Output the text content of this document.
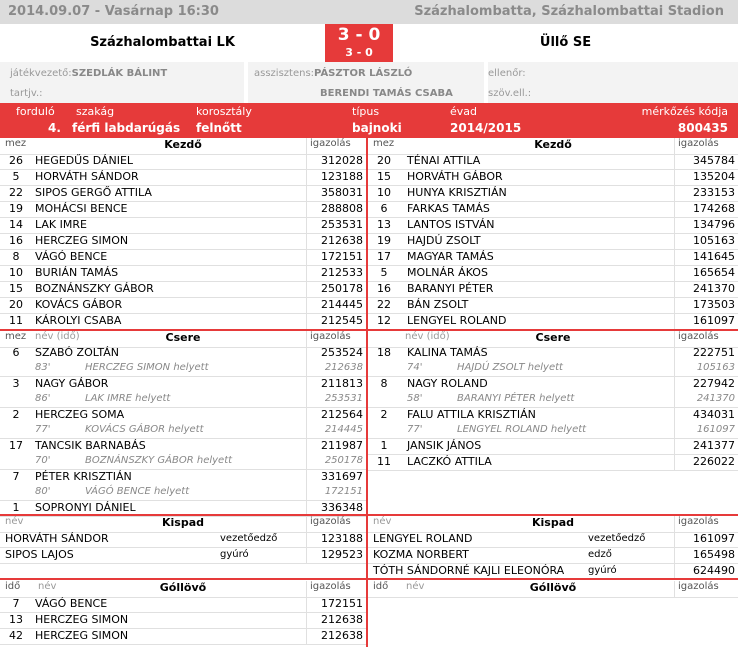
2014.09.07 - Vasárnap 16:30	Százhalombatta, Százhalombattai Stadion
Százhalombattai LK	3 - 0
3 - 0
Üllő SE
játékvezető:SZEDLÁK BÁLINT
tartjv.:
asszisztens:PÁSZTOR LÁSZLÓ
BERENDI TAMÁS CSABA
ellenőr:
szöv.ell.:
forduló
4.
szakág
férfi labdarúgás
korosztály
felnőtt
típus
bajnoki
évad
2014/2015
mérkőzés kódja
800435
mez	Kezdő	igazolás mez	Kezdő	igazolás
26	HEGEDŰS DÁNIEL	312028
5	HORVÁTH SÁNDOR	123188
22	SIPOS GERGŐ ATTILA	358031
19	MOHÁCSI BENCE	288808
14	LAK IMRE	253531
16	HERCZEG SIMON	212638
8	VÁGÓ BENCE	172151
10	BURIÁN TAMÁS	212533
15	BOZNÁNSZKY GÁBOR	250178
20	KOVÁCS GÁBOR	214445
11	KÁROLYI CSABA	212545
20	TÉNAI ATTILA	345784
15	HORVÁTH GÁBOR	135204
10	HUNYA KRISZTIÁN	233153
6	FARKAS TAMÁS	174268
13	LANTOS ISTVÁN	134796
19	HAJDÚ ZSOLT	105163
17	MAGYAR TAMÁS	141645
5	MOLNÁR ÁKOS	165654
16	BARANYI PÉTER	241370
22	BÁN ZSOLT	173503
12	LENGYEL ROLAND	161097
mez	Csere	igazolás
név (idő)	Csere	igazolás
név (idő)
6	SZABÓ ZOLTÁN	253524
83'	HERCZEG SIMON helyett	212638
3	NAGY GÁBOR	211813
86'	LAK IMRE helyett	253531
2	HERCZEG SOMA	212564
77'	KOVÁCS GÁBOR helyett	214445
17	TANCSIK BARNABÁS	211987
70'	BOZNÁNSZKY GÁBOR helyett	250178
7	PÉTER KRISZTIÁN	331697
80'	VÁGÓ BENCE helyett	172151
1	SOPRONYI DÁNIEL	336348
18	KALINA TAMÁS	222751
74'	HAJDÚ ZSOLT helyett	105163
8	NAGY ROLAND	227942
58'	BARANYI PÉTER helyett	241370
2	FALU ATTILA KRISZTIÁN	434031
77'	LENGYEL ROLAND helyett	161097
1	JANSIK JÁNOS	241377
11	LACZKÓ ATTILA	226022
név	Kispad	igazolás név	Kispad	igazolás
HORVÁTH SÁNDOR	vezetőedző	123188
SIPOS LAJOS	gyúró	129523
LENGYEL ROLAND	vezetőedző	161097
KOZMA NORBERT	edző	165498
TÓTH SÁNDORNÉ KAJLI ELEONÓRA gyúró	624490
idő név	Góllövő	igazolás idő név	Góllövő	igazolás
7	VÁGÓ BENCE	172151
13	HERCZEG SIMON	212638
42	HERCZEG SIMON	212638
